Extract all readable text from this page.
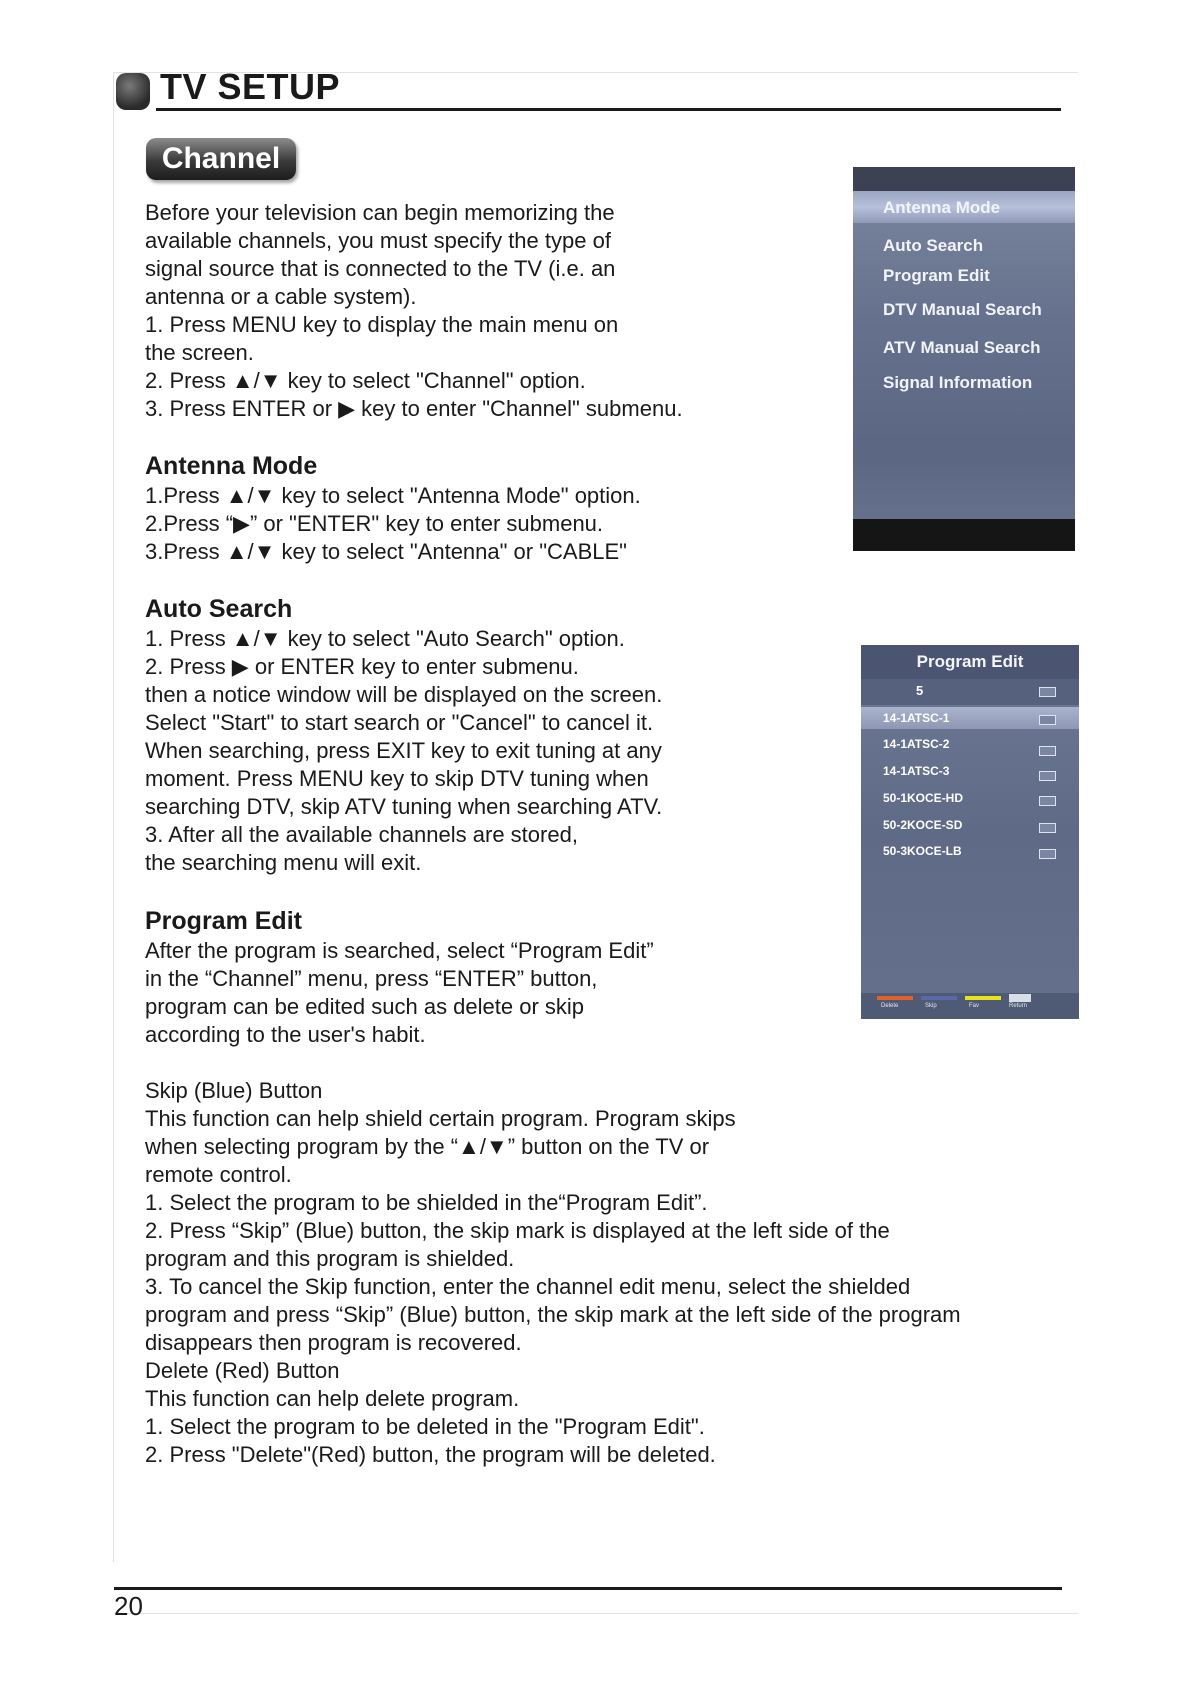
TV SETUP
Channel

Before your television can begin memorizing the

available channels, you must specify the type of

signal source that is connected to the TV (i.e. an

antenna or a cable system).

1. Press MENU key to display the main menu on

the screen.

2. Press ▲/▼ key to select "Channel" option.

3. Press ENTER or ▶ key to enter "Channel" submenu.

Antenna Mode

1.Press ▲/▼ key to select "Antenna Mode" option.

2.Press “▶” or "ENTER" key to enter submenu.

3.Press ▲/▼ key to select "Antenna" or "CABLE"

Auto Search

1. Press ▲/▼ key to select "Auto Search" option.

2. Press ▶ or ENTER key to enter submenu.

then a notice window will be displayed on the screen.

Select "Start" to start search or "Cancel" to cancel it.

When searching, press EXIT key to exit tuning at any

moment. Press MENU key to skip DTV tuning when

searching DTV, skip ATV tuning when searching ATV.

3. After all the available channels are stored,

the searching menu will exit.

Program Edit

After the program is searched, select “Program Edit”

in the “Channel” menu, press “ENTER” button,

program can be edited such as delete or skip

according to the user's habit.

Skip (Blue) Button

This function can help shield certain program. Program skips

when selecting program by the “▲/▼” button on the TV or

remote control.

1. Select the program to be shielded in the“Program Edit”.

2. Press “Skip” (Blue) button, the skip mark is displayed at the left side of the

program and this program is shielded.

3. To cancel the Skip function, enter the channel edit menu, select the shielded

program and press “Skip” (Blue) button, the skip mark at the left side of the program

disappears then program is recovered.

Delete (Red) Button

This function can help delete program.

1. Select the program to be deleted in the "Program Edit".

2. Press "Delete"(Red) button, the program will be deleted.

Antenna Mode
Auto Search
Program Edit
DTV Manual Search
ATV Manual Search
Signal Information
Program Edit
5
14-1ATSC-1
14-1ATSC-2
14-1ATSC-3
50-1KOCE-HD
50-2KOCE-SD
50-3KOCE-LB
Delete	Skip	Fav	Return
20
